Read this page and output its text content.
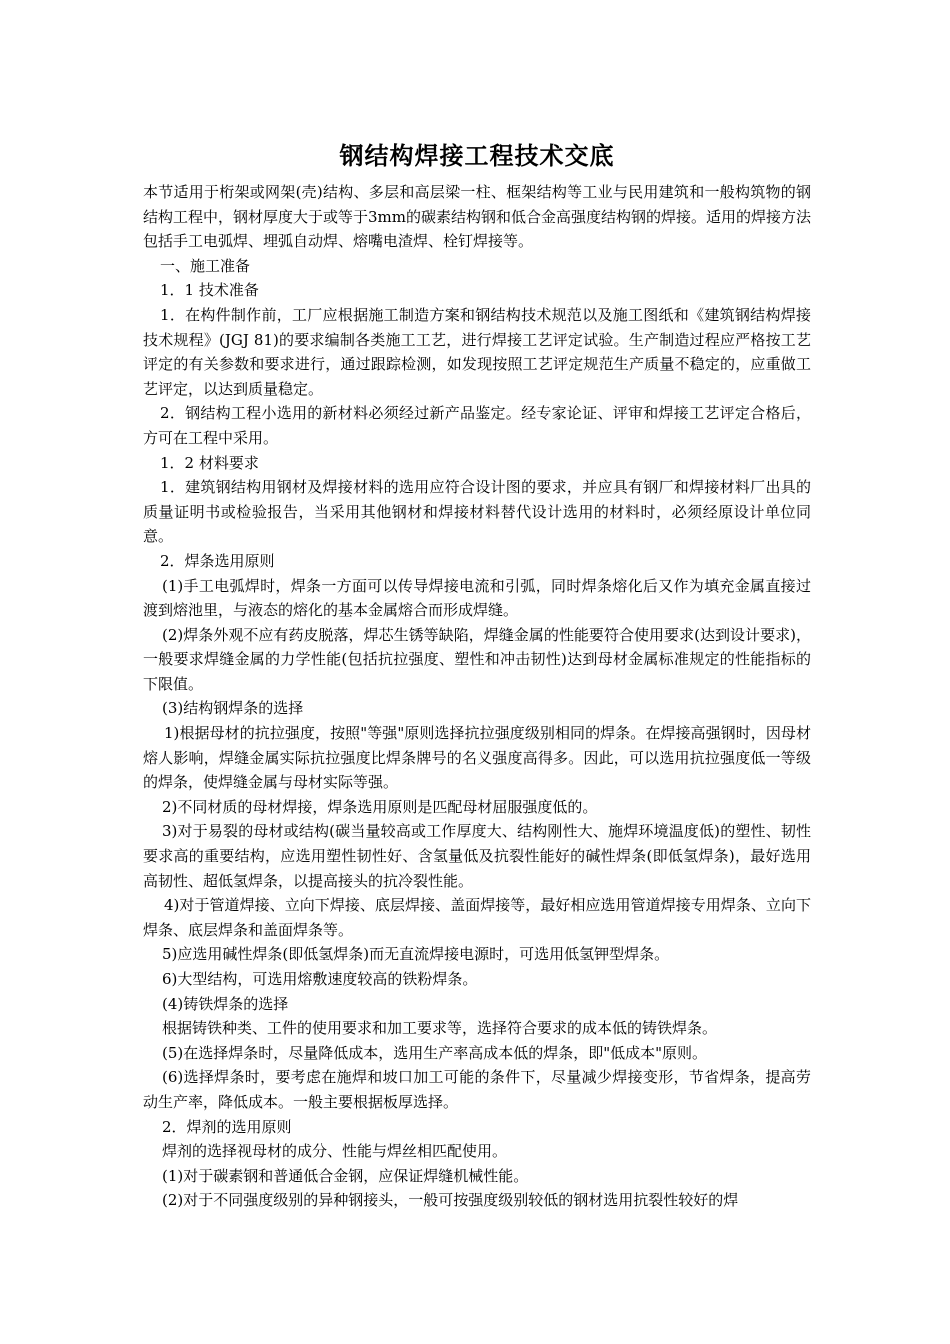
钢结构焊接工程技术交底

本节适用于桁架或网架(壳)结构、多层和高层梁一柱、框架结构等工业与民用建筑和一般构筑物的钢结构工程中，钢材厚度大于或等于3mm的碳素结构钢和低合金高强度结构钢的焊接。适用的焊接方法包括手工电弧焊、埋弧自动焊、熔嘴电渣焊、栓钉焊接等。

一、施工准备

1．1 技术准备

1．在构件制作前，工厂应根据施工制造方案和钢结构技术规范以及施工图纸和《建筑钢结构焊接技术规程》(JGJ 81)的要求编制各类施工工艺，进行焊接工艺评定试验。生产制造过程应严格按工艺评定的有关参数和要求进行，通过跟踪检测，如发现按照工艺评定规范生产质量不稳定的，应重做工艺评定，以达到质量稳定。

2．钢结构工程小选用的新材料必须经过新产品鉴定。经专家论证、评审和焊接工艺评定合格后，方可在工程中采用。

1．2 材料要求

1．建筑钢结构用钢材及焊接材料的选用应符合设计图的要求，并应具有钢厂和焊接材料厂出具的质量证明书或检验报告，当采用其他钢材和焊接材料替代设计选用的材料时，必须经原设计单位同意。

2．焊条选用原则

(1)手工电弧焊时，焊条一方面可以传导焊接电流和引弧，同时焊条熔化后又作为填充金属直接过渡到熔池里，与液态的熔化的基本金属熔合而形成焊缝。

(2)焊条外观不应有药皮脱落，焊芯生锈等缺陷，焊缝金属的性能要符合使用要求(达到设计要求)，一般要求焊缝金属的力学性能(包括抗拉强度、塑性和冲击韧性)达到母材金属标准规定的性能指标的下限值。

(3)结构钢焊条的选择

1)根据母材的抗拉强度，按照"等强"原则选择抗拉强度级别相同的焊条。在焊接高强钢时，因母材熔人影响，焊缝金属实际抗拉强度比焊条牌号的名义强度高得多。因此，可以选用抗拉强度低一等级的焊条，使焊缝金属与母材实际等强。

2)不同材质的母材焊接，焊条选用原则是匹配母材屈服强度低的。

3)对于易裂的母材或结构(碳当量较高或工作厚度大、结构刚性大、施焊环境温度低)的塑性、韧性要求高的重要结构，应选用塑性韧性好、含氢量低及抗裂性能好的碱性焊条(即低氢焊条)，最好选用高韧性、超低氢焊条，以提高接头的抗冷裂性能。

4)对于管道焊接、立向下焊接、底层焊接、盖面焊接等，最好相应选用管道焊接专用焊条、立向下焊条、底层焊条和盖面焊条等。

5)应选用碱性焊条(即低氢焊条)而无直流焊接电源时，可选用低氢钾型焊条。

6)大型结构，可选用熔敷速度较高的铁粉焊条。

(4)铸铁焊条的选择

根据铸铁种类、工件的使用要求和加工要求等，选择符合要求的成本低的铸铁焊条。

(5)在选择焊条时，尽量降低成本，选用生产率高成本低的焊条，即"低成本"原则。

(6)选择焊条时，要考虑在施焊和坡口加工可能的条件下，尽量减少焊接变形，节省焊条，提高劳动生产率，降低成本。一般主要根据板厚选择。

2．焊剂的选用原则

焊剂的选择视母材的成分、性能与焊丝相匹配使用。

(1)对于碳素钢和普通低合金钢，应保证焊缝机械性能。

(2)对于不同强度级别的异种钢接头，一般可按强度级别较低的钢材选用抗裂性较好的焊
